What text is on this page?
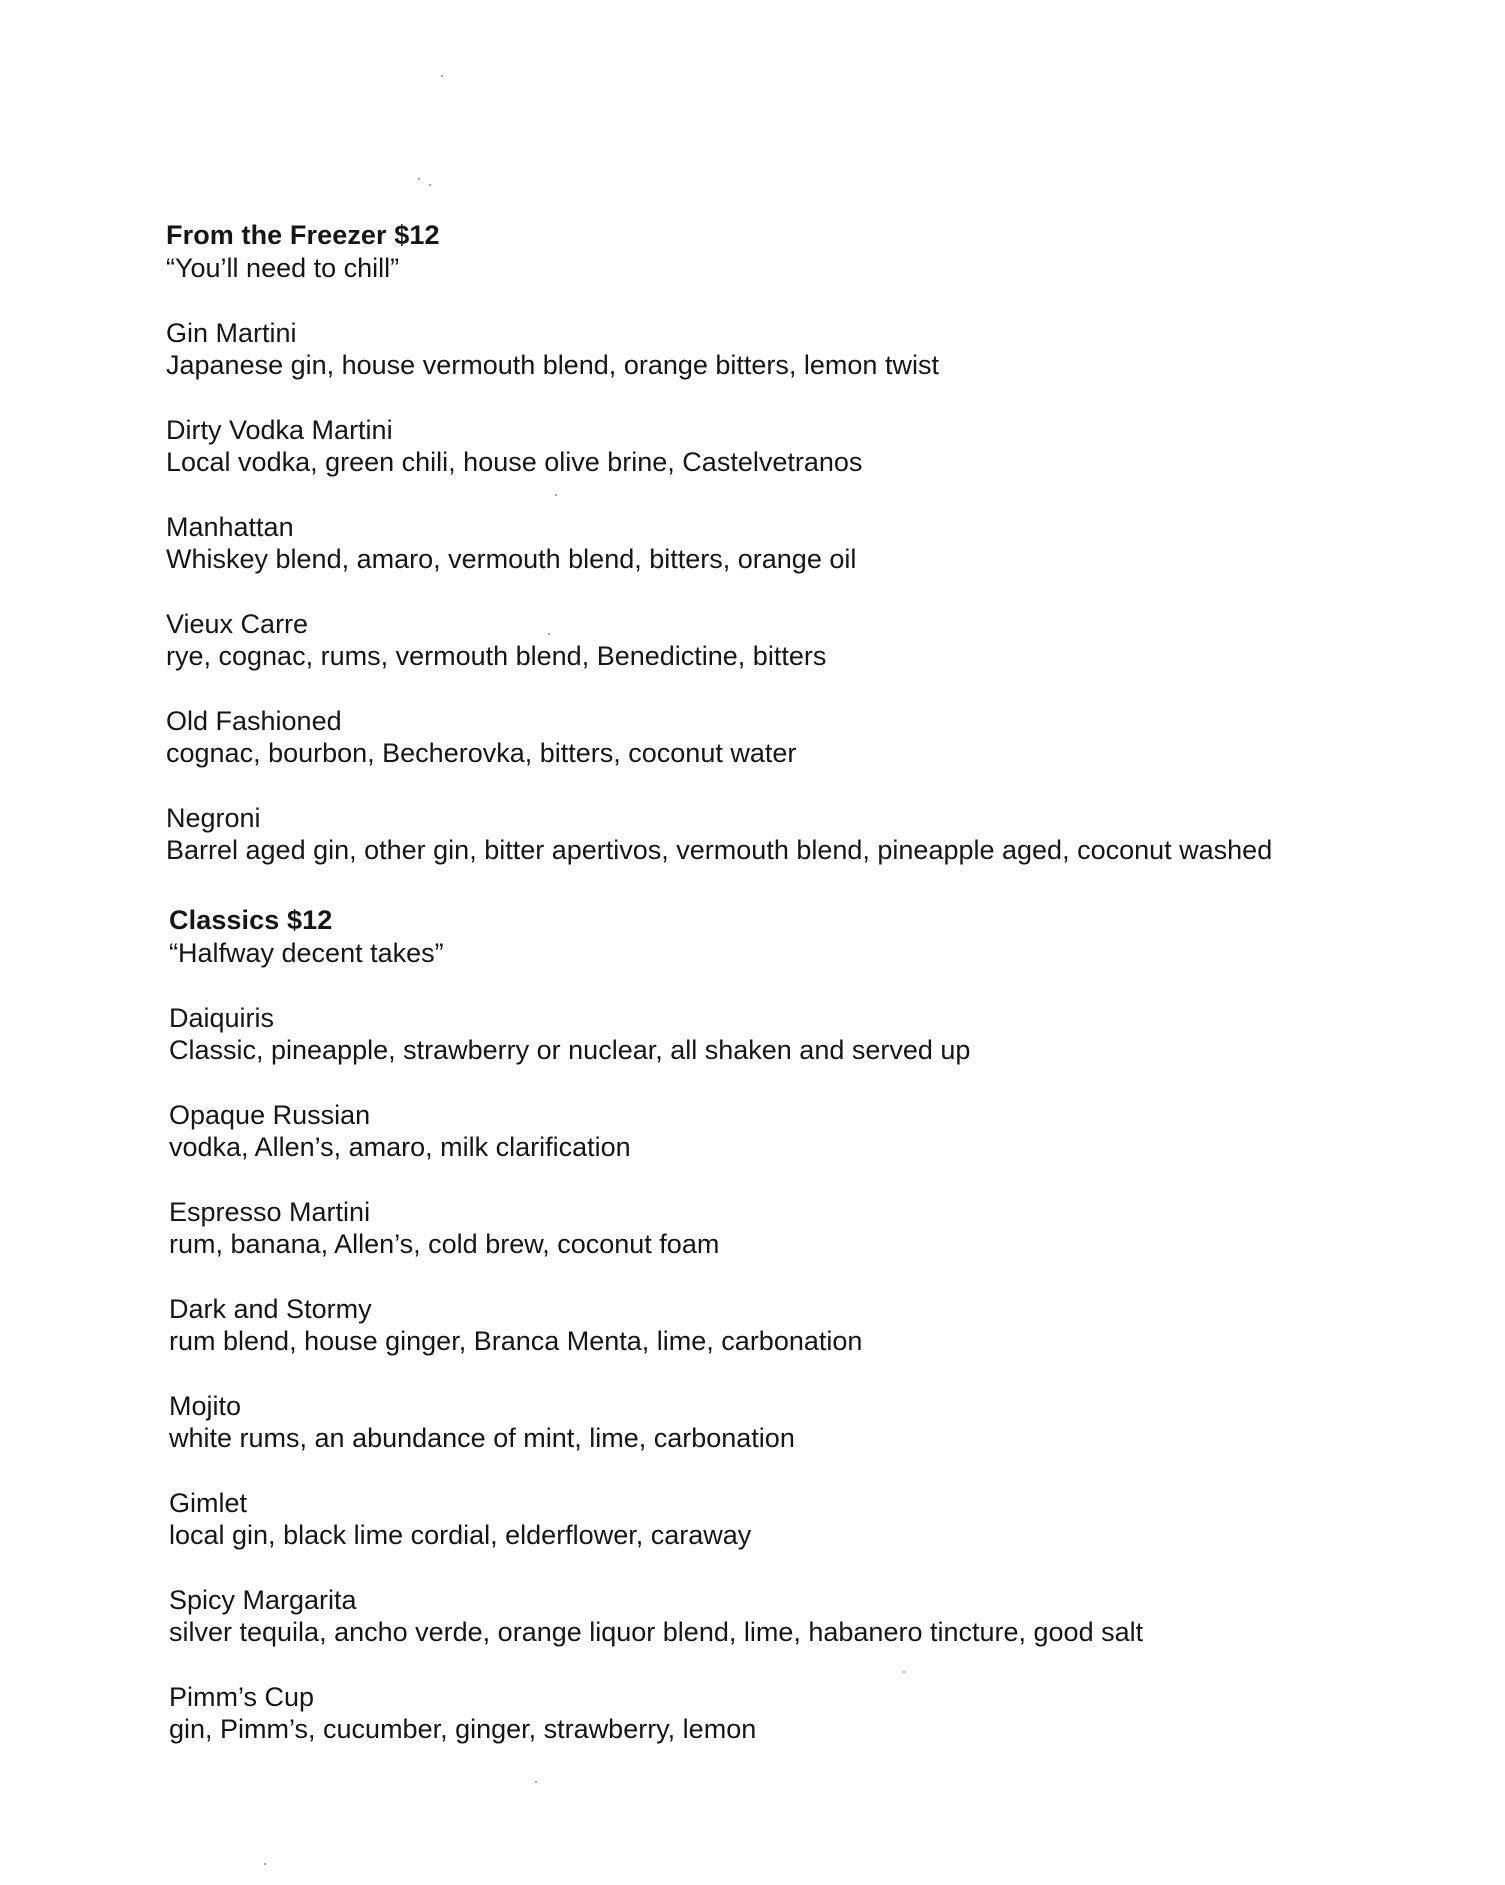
From the Freezer $12

“You’ll need to chill”

Gin Martini

Japanese gin, house vermouth blend, orange bitters, lemon twist

Dirty Vodka Martini

Local vodka, green chili, house olive brine, Castelvetranos

Manhattan

Whiskey blend, amaro, vermouth blend, bitters, orange oil

Vieux Carre

rye, cognac, rums, vermouth blend, Benedictine, bitters

Old Fashioned

cognac, bourbon, Becherovka, bitters, coconut water

Negroni

Barrel aged gin, other gin, bitter apertivos, vermouth blend, pineapple aged, coconut washed

Classics $12

“Halfway decent takes”

Daiquiris

Classic, pineapple, strawberry or nuclear, all shaken and served up

Opaque Russian

vodka, Allen’s, amaro, milk clarification

Espresso Martini

rum, banana, Allen’s, cold brew, coconut foam

Dark and Stormy

rum blend, house ginger, Branca Menta, lime, carbonation

Mojito

white rums, an abundance of mint, lime, carbonation

Gimlet

local gin, black lime cordial, elderflower, caraway

Spicy Margarita

silver tequila, ancho verde, orange liquor blend, lime, habanero tincture, good salt

Pimm’s Cup

gin, Pimm’s, cucumber, ginger, strawberry, lemon
